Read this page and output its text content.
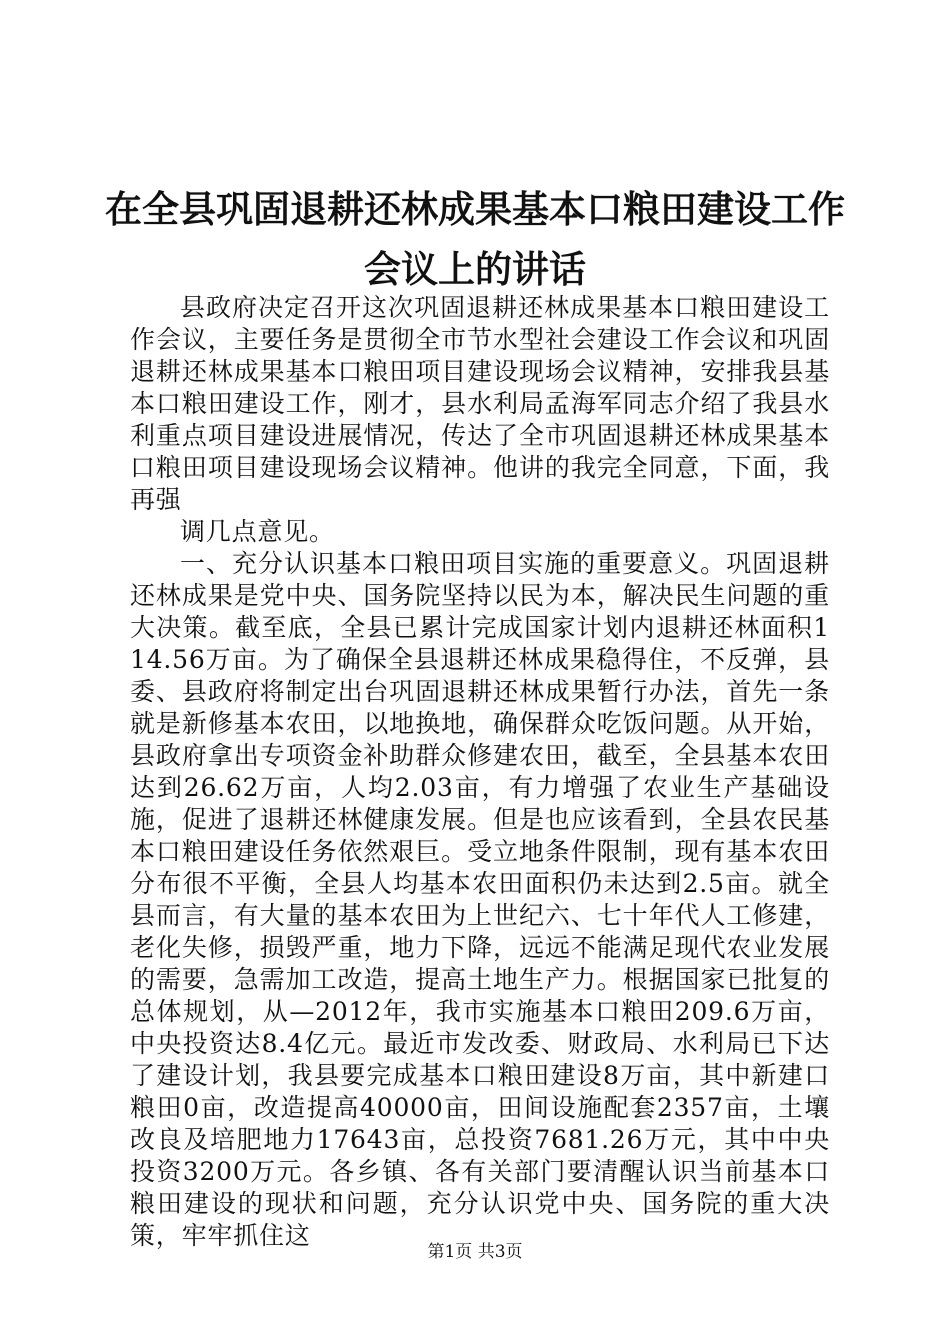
在全县巩固退耕还林成果基本口粮田建设工作
会议上的讲话

县政府决定召开这次巩固退耕还林成果基本口粮田建设工作会议，主要任务是贯彻全市节水型社会建设工作会议和巩固退耕还林成果基本口粮田项目建设现场会议精神，安排我县基本口粮田建设工作，刚才，县水利局孟海军同志介绍了我县水利重点项目建设进展情况，传达了全市巩固退耕还林成果基本口粮田项目建设现场会议精神。他讲的我完全同意，下面，我再强

调几点意见。

一、充分认识基本口粮田项目实施的重要意义。巩固退耕还林成果是党中央、国务院坚持以民为本，解决民生问题的重大决策。截至底，全县已累计完成国家计划内退耕还林面积114.56万亩。为了确保全县退耕还林成果稳得住，不反弹，县委、县政府将制定出台巩固退耕还林成果暂行办法，首先一条就是新修基本农田，以地换地，确保群众吃饭问题。从开始，县政府拿出专项资金补助群众修建农田，截至，全县基本农田达到26.62万亩，人均2.03亩，有力增强了农业生产基础设施，促进了退耕还林健康发展。但是也应该看到，全县农民基本口粮田建设任务依然艰巨。受立地条件限制，现有基本农田分布很不平衡，全县人均基本农田面积仍未达到2.5亩。就全县而言，有大量的基本农田为上世纪六、七十年代人工修建，老化失修，损毁严重，地力下降，远远不能满足现代农业发展的需要，急需加工改造，提高土地生产力。根据国家已批复的总体规划，从—2012年，我市实施基本口粮田209.6万亩，中央投资达8.4亿元。最近市发改委、财政局、水利局已下达了建设计划，我县要完成基本口粮田建设8万亩，其中新建口粮田0亩，改造提高40000亩，田间设施配套2357亩，土壤改良及培肥地力17643亩，总投资7681.26万元，其中中央投资3200万元。各乡镇、各有关部门要清醒认识当前基本口粮田建设的现状和问题，充分认识党中央、国务院的重大决策，牢牢抓住这

第1页 共3页
